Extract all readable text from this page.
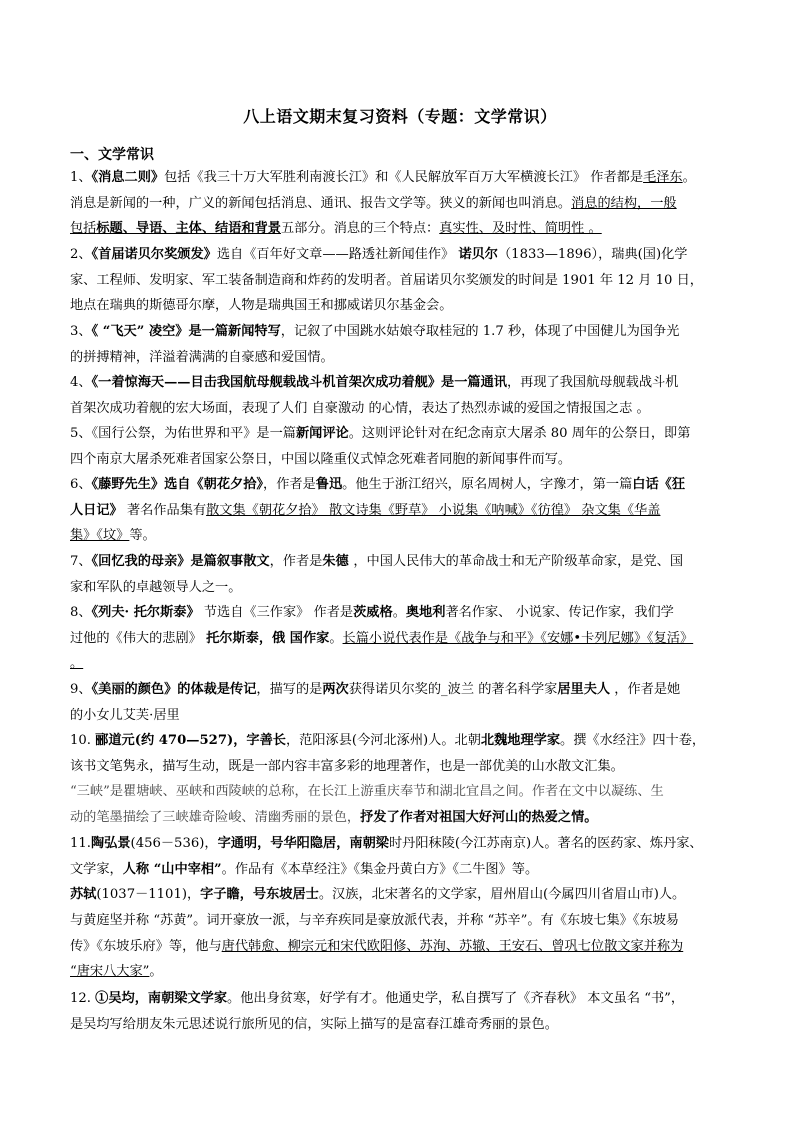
八上语文期末复习资料（专题：文学常识）
一、文学常识
1、《消息二则》包括《我三十万大军胜利南渡长江》和《人民解放军百万大军横渡长江》 作者都是毛泽东。
消息是新闻的一种，广义的新闻包括消息、通讯、报告文学等。狭义的新闻也叫消息。消息的结构，一般
包括标题、导语、主体、结语和背景五部分。消息的三个特点：真实性、及时性、简明性 。
2、《首届诺贝尔奖颁发》选自《百年好文章——路透社新闻佳作》 诺贝尔（1833—1896），瑞典(国)化学
家、工程师、发明家、军工装备制造商和炸药的发明者。首届诺贝尔奖颁发的时间是 1901 年 12 月 10 日，
地点在瑞典的斯德哥尔摩，人物是瑞典国王和挪威诺贝尔基金会。
3、《 “飞天” 凌空》是一篇新闻特写，记叙了中国跳水姑娘夺取桂冠的 1.7 秒，体现了中国健儿为国争光
的拼搏精神，洋溢着满满的自豪感和爱国情。
4、《一着惊海天——目击我国航母舰载战斗机首架次成功着舰》是一篇通讯，再现了我国航母舰载战斗机
首架次成功着舰的宏大场面，表现了人们 自豪激动 的心情，表达了热烈赤诚的爱国之情报国之志 。
5、《国行公祭，为佑世界和平》是一篇新闻评论。这则评论针对在纪念南京大屠杀 80 周年的公祭日，即第
四个南京大屠杀死难者国家公祭日，中国以隆重仪式悼念死难者同胞的新闻事件而写。
6、《藤野先生》选自《朝花夕拾》，作者是鲁迅。他生于浙江绍兴，原名周树人，字豫才，第一篇白话《狂
人日记》 著名作品集有散文集《朝花夕拾》 散文诗集《野草》 小说集《呐喊》《彷徨》 杂文集《华盖
集》《坟》等。
7、《回忆我的母亲》是篇叙事散文，作者是朱德 ，中国人民伟大的革命战士和无产阶级革命家，是党、国
家和军队的卓越领导人之一。
8、《列夫· 托尔斯泰》 节选自《三作家》 作者是茨威格。奥地利著名作家、 小说家、传记作家，我们学
过他的《伟大的悲剧》 托尔斯泰，俄 国作家。长篇小说代表作是《战争与和平》《安娜•卡列尼娜》《复活》
。
9、《美丽的颜色》的体裁是传记，描写的是两次获得诺贝尔奖的_波兰 的著名科学家居里夫人 ，作者是她
的小女儿艾芙·居里
10. 郦道元(约 470—527)，字善长，范阳涿县(今河北涿州)人。北朝北魏地理学家。撰《水经注》四十卷，
该书文笔隽永，描写生动，既是一部内容丰富多彩的地理著作，也是一部优美的山水散文汇集。
“三峡”是瞿塘峡、巫峡和西陵峡的总称，在长江上游重庆奉节和湖北宜昌之间。作者在文中以凝练、生
动的笔墨描绘了三峡雄奇险峻、清幽秀丽的景色，抒发了作者对祖国大好河山的热爱之情。
11.陶弘景(456－536)，字通明，号华阳隐居，南朝梁时丹阳秣陵(今江苏南京)人。著名的医药家、炼丹家、
文学家，人称 “山中宰相”。作品有《本草经注》《集金丹黄白方》《二牛图》等。
苏轼(1037－1101)，字子瞻，号东坡居士。汉族，北宋著名的文学家，眉州眉山(今属四川省眉山市)人。
与黄庭坚并称 “苏黄”。词开豪放一派，与辛弃疾同是豪放派代表，并称 “苏辛”。有《东坡七集》《东坡易
传》《东坡乐府》等，他与唐代韩愈、柳宗元和宋代欧阳修、苏洵、苏辙、王安石、曾巩七位散文家并称为
“唐宋八大家”。
12. ①吴均，南朝梁文学家。他出身贫寒，好学有才。他通史学，私自撰写了《齐春秋》 本文虽名 “书”，
是吴均写给朋友朱元思述说行旅所见的信，实际上描写的是富春江雄奇秀丽的景色。
